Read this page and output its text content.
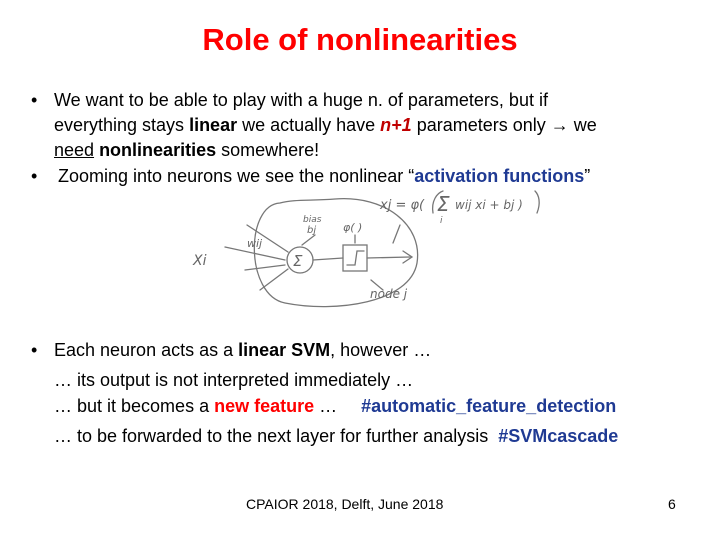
Role of nonlinearities
• We want to be able to play with a huge n. of parameters, but if
everything stays linear we actually have n+1 parameters only → we
need nonlinearities somewhere!
• Zooming into neurons we see the nonlinear “activation functions”
xj = φ( Σ
i
wij xi + bj )
bias
bj φ( )
wij
Xi	Σ
node j
• Each neuron acts as a linear SVM, however …
… its output is not interpreted immediately …
… but it becomes a new feature … #automatic_feature_detection
… to be forwarded to the next layer for further analysis #SVMcascade
CPAIOR 2018, Delft, June 2018	6
